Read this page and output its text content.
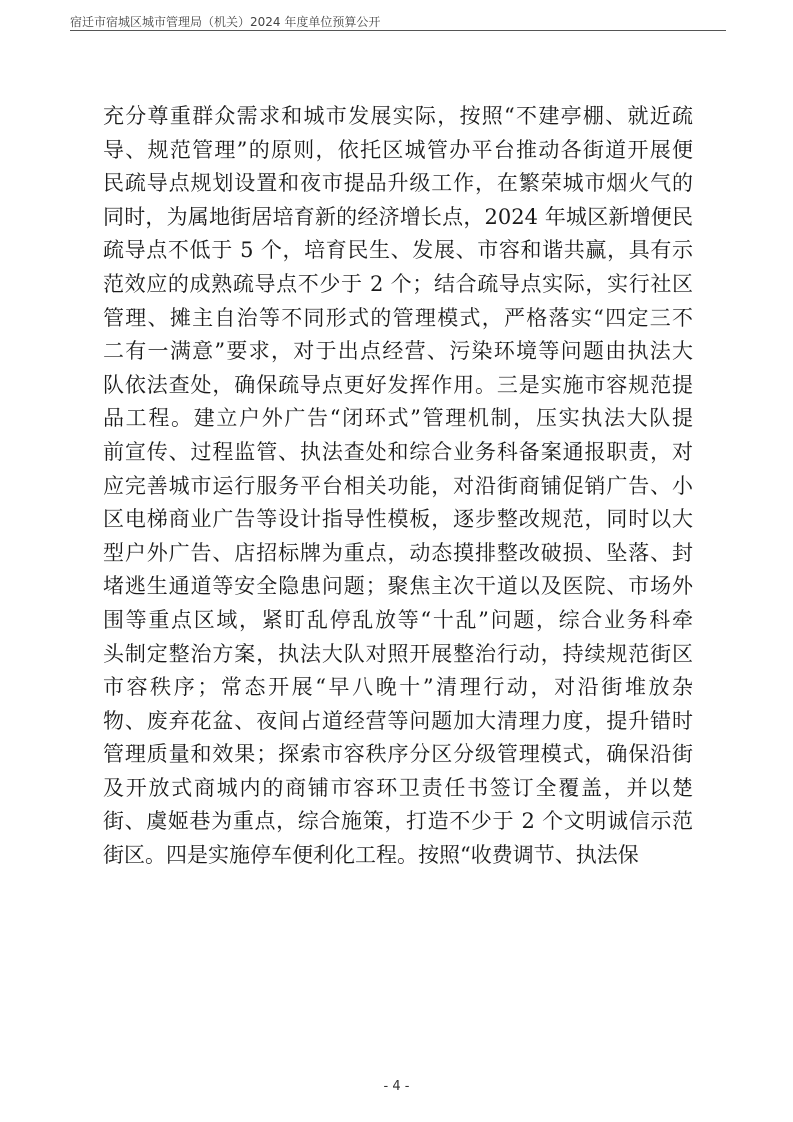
宿迁市宿城区城市管理局（机关）2024 年度单位预算公开
充分尊重群众需求和城市发展实际，按照“不建亭棚、就近疏
导、规范管理”的原则，依托区城管办平台推动各街道开展便
民疏导点规划设置和夜市提品升级工作，在繁荣城市烟火气的
同时，为属地街居培育新的经济增长点，2024 年城区新增便民
疏导点不低于 5 个，培育民生、发展、市容和谐共赢，具有示
范效应的成熟疏导点不少于 2 个；结合疏导点实际，实行社区
管理、摊主自治等不同形式的管理模式，严格落实“四定三不
二有一满意”要求，对于出点经营、污染环境等问题由执法大
队依法查处，确保疏导点更好发挥作用。三是实施市容规范提
品工程。建立户外广告“闭环式”管理机制，压实执法大队提
前宣传、过程监管、执法查处和综合业务科备案通报职责，对
应完善城市运行服务平台相关功能，对沿街商铺促销广告、小
区电梯商业广告等设计指导性模板，逐步整改规范，同时以大
型户外广告、店招标牌为重点，动态摸排整改破损、坠落、封
堵逃生通道等安全隐患问题；聚焦主次干道以及医院、市场外
围等重点区域，紧盯乱停乱放等“十乱”问题，综合业务科牵
头制定整治方案，执法大队对照开展整治行动，持续规范街区
市容秩序；常态开展“早八晚十”清理行动，对沿街堆放杂
物、废弃花盆、夜间占道经营等问题加大清理力度，提升错时
管理质量和效果；探索市容秩序分区分级管理模式，确保沿街
及开放式商城内的商铺市容环卫责任书签订全覆盖，并以楚
街、虞姬巷为重点，综合施策，打造不少于 2 个文明诚信示范
街区。四是实施停车便利化工程。按照“收费调节、执法保
- 4 -
